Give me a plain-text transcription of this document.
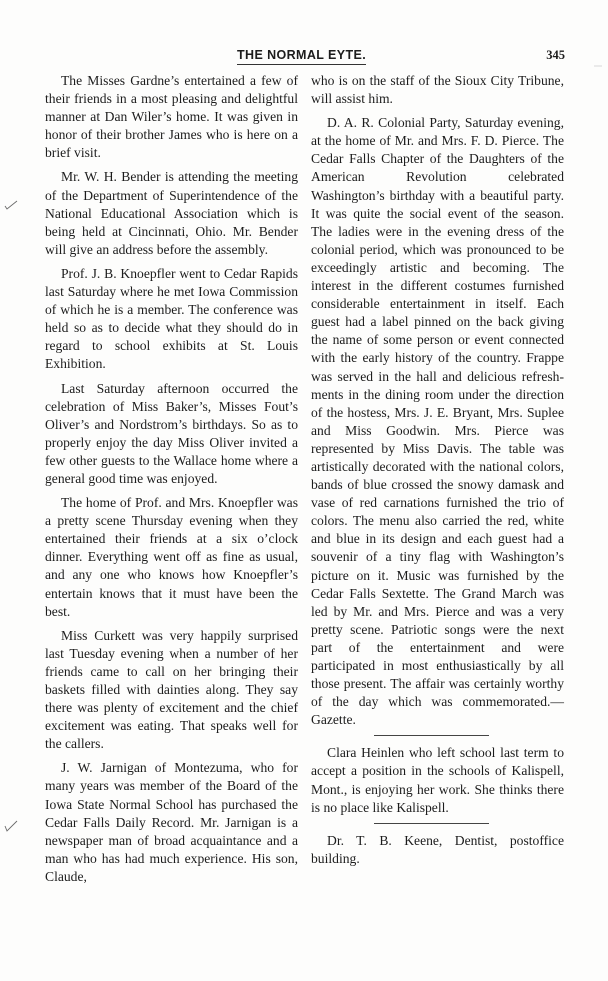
THE NORMAL EYTE.	345

The Misses Gardne’s entertained a few of their friends in a most pleasing and delightful manner at Dan Wiler’s home. It was given in honor of their brother James who is here on a brief visit.

Mr. W. H. Bender is attending the meeting of the Department of Superintendence of the National Educational Association which is being held at Cincinnati, Ohio. Mr. Bender will give an address before the assembly.

Prof. J. B. Knoepfler went to Cedar Rapids last Saturday where he met Iowa Commission of which he is a member. The conference was held so as to decide what they should do in regard to school exhibits at St. Louis Exhibition.

Last Saturday afternoon occurred the celebration of Miss Baker’s, Misses Fout’s Oliver’s and Nordstrom’s birthdays. So as to properly enjoy the day Miss Oliver invited a few other guests to the Wallace home where a general good time was enjoyed.

The home of Prof. and Mrs. Knoepfler was a pretty scene Thursday evening when they entertained their friends at a six o’clock dinner. Everything went off as fine as usual, and any one who knows how Knoepfler’s entertain knows that it must have been the best.

Miss Curkett was very happily surprised last Tuesday evening when a number of her friends came to call on her bringing their baskets filled with dainties along. They say there was plenty of excitement and the chief excitement was eating. That speaks well for the callers.

J. W. Jarnigan of Montezuma, who for many years was member of the Board of the Iowa State Normal School has purchased the Cedar Falls Daily Record. Mr. Jarnigan is a newspaper man of broad acquaintance and a man who has had much experience. His son, Claude,

who is on the staff of the Sioux City Tribune, will assist him.

D. A. R. Colonial Party, Saturday evening, at the home of Mr. and Mrs. F. D. Pierce. The Cedar Falls Chapter of the Daughters of the American Revolution celebrated Washington’s birthday with a beautiful party. It was quite the social event of the season. The ladies were in the evening dress of the colonial period, which was pronounced to be exceedingly artistic and becoming. The interest in the different costumes furnished considerable entertainment in itself. Each guest had a label pinned on the back giving the name of some person or event connected with the early history of the country. Frappe was served in the hall and delicious refreshments in the dining room under the direction of the hostess, Mrs. J. E. Bryant, Mrs. Suplee and Miss Goodwin. Mrs. Pierce was represented by Miss Davis. The table was artistically decorated with the national colors, bands of blue crossed the snowy damask and vase of red carnations furnished the trio of colors. The menu also carried the red, white and blue in its design and each guest had a souvenir of a tiny flag with Washington’s picture on it. Music was furnished by the Cedar Falls Sextette. The Grand March was led by Mr. and Mrs. Pierce and was a very pretty scene. Patriotic songs were the next part of the entertainment and were participated in most enthusiastically by all those present. The affair was certainly worthy of the day which was commemorated.—Gazette.

Clara Heinlen who left school last term to accept a position in the schools of Kalispell, Mont., is enjoying her work. She thinks there is no place like Kalispell.

Dr. T. B. Keene, Dentist, postoffice building.
